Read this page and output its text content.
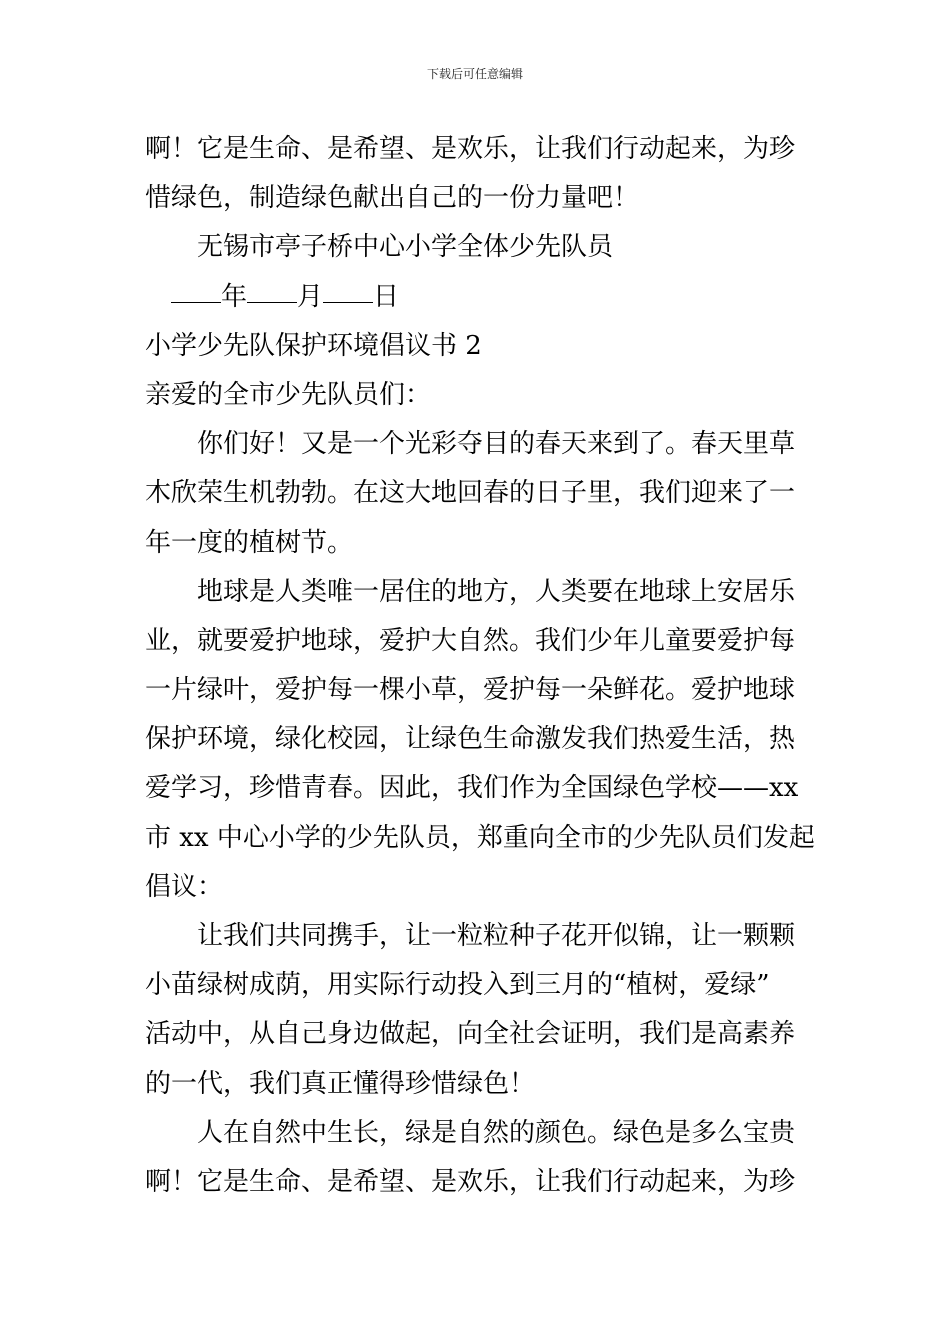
下载后可任意编辑
啊！它是生命、是希望、是欢乐，让我们行动起来，为珍
惜绿色，制造绿色献出自己的一份力量吧！
无锡市亭子桥中心小学全体少先队员
年 月 日
小学少先队保护环境倡议书 2
亲爱的全市少先队员们：
你们好！又是一个光彩夺目的春天来到了。春天里草
木欣荣生机勃勃。在这大地回春的日子里，我们迎来了一
年一度的植树节。
地球是人类唯一居住的地方，人类要在地球上安居乐
业，就要爱护地球，爱护大自然。我们少年儿童要爱护每
一片绿叶，爱护每一棵小草，爱护每一朵鲜花。爱护地球
保护环境，绿化校园，让绿色生命激发我们热爱生活，热
爱学习，珍惜青春。因此，我们作为全国绿色学校——xx
市 xx 中心小学的少先队员，郑重向全市的少先队员们发起
倡议：
让我们共同携手，让一粒粒种子花开似锦，让一颗颗
小苗绿树成荫，用实际行动投入到三月的“植树，爱绿”
活动中，从自己身边做起，向全社会证明，我们是高素养
的一代，我们真正懂得珍惜绿色！
人在自然中生长，绿是自然的颜色。绿色是多么宝贵
啊！它是生命、是希望、是欢乐，让我们行动起来，为珍
